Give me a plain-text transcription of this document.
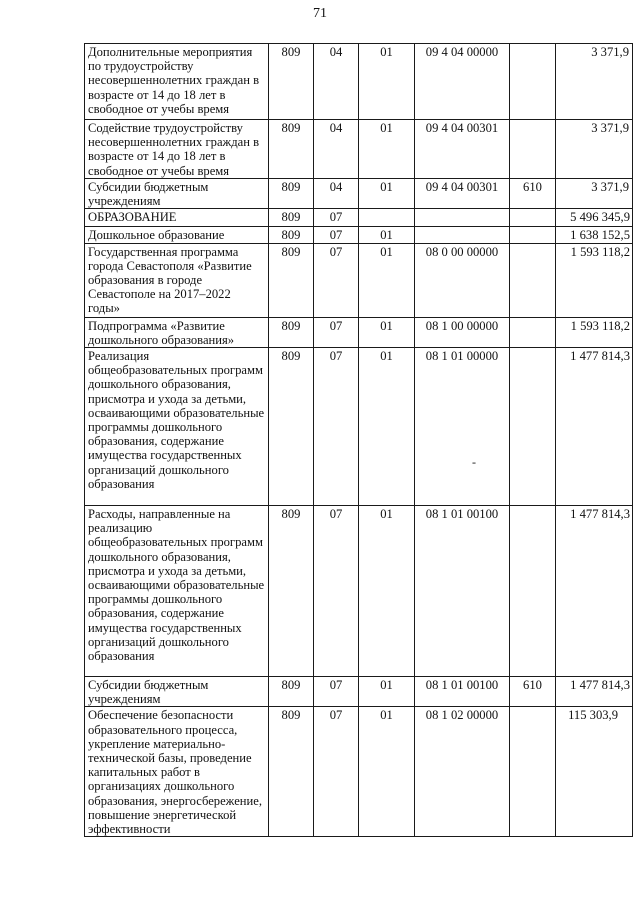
71
Дополнительные мероприятия по трудоустройству несовершеннолетних граждан в возрасте от 14 до 18 лет в свободное от учебы время	809	04	01	09 4 04 00000		3 371,9
Содействие трудоустройству несовершеннолетних граждан в возрасте от 14 до 18 лет в свободное от учебы время	809	04	01	09 4 04 00301		3 371,9
Субсидии бюджетным учреждениям	809	04	01	09 4 04 00301	610	3 371,9
ОБРАЗОВАНИЕ	809	07				5 496 345,9
Дошкольное образование	809	07	01			1 638 152,5
Государственная программа города Севастополя «Развитие образования в городе Севастополе на 2017–2022 годы»	809	07	01	08 0 00 00000		1 593 118,2
Подпрограмма «Развитие дошкольного образования»	809	07	01	08 1 00 00000		1 593 118,2
Реализация общеобразовательных программ дошкольного образования, присмотра и ухода за детьми, осваивающими образовательные программы дошкольного образования, содержание имущества государственных организаций дошкольного образования	809	07	01	08 1 01 00000		1 477 814,3
Расходы, направленные на реализацию общеобразовательных программ дошкольного образования, присмотра и ухода за детьми, осваивающими образовательные программы дошкольного образования, содержание имущества государственных организаций дошкольного образования	809	07	01	08 1 01 00100		1 477 814,3
Субсидии бюджетным учреждениям	809	07	01	08 1 01 00100	610	1 477 814,3
Обеспечение безопасности образовательного процесса, укрепление материально-технической базы, проведение капитальных работ в организациях дошкольного образования, энергосбережение, повышение энергетической эффективности	809	07	01	08 1 02 00000		115 303,9
-
